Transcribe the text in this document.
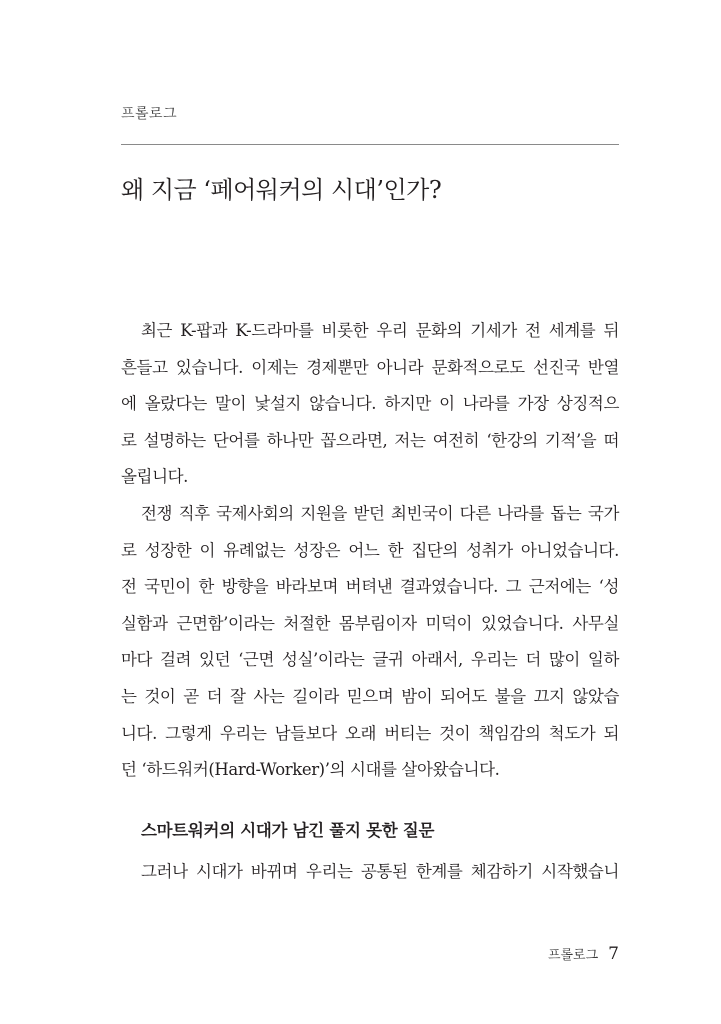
프롤로그
왜 지금 ‘페어워커의 시대’인가?
최근 K-팝과 K-드라마를 비롯한 우리 문화의 기세가 전 세계를 뒤
흔들고 있습니다. 이제는 경제뿐만 아니라 문화적으로도 선진국 반열
에 올랐다는 말이 낯설지 않습니다. 하지만 이 나라를 가장 상징적으
로 설명하는 단어를 하나만 꼽으라면, 저는 여전히 ‘한강의 기적’을 떠
올립니다.
전쟁 직후 국제사회의 지원을 받던 최빈국이 다른 나라를 돕는 국가
로 성장한 이 유례없는 성장은 어느 한 집단의 성취가 아니었습니다.
전 국민이 한 방향을 바라보며 버텨낸 결과였습니다. 그 근저에는 ‘성
실함과 근면함’이라는 처절한 몸부림이자 미덕이 있었습니다. 사무실
마다 걸려 있던 ‘근면 성실’이라는 글귀 아래서, 우리는 더 많이 일하
는 것이 곧 더 잘 사는 길이라 믿으며 밤이 되어도 불을 끄지 않았습
니다. 그렇게 우리는 남들보다 오래 버티는 것이 책임감의 척도가 되
던 ‘하드워커(Hard-Worker)’의 시대를 살아왔습니다.
스마트워커의 시대가 남긴 풀지 못한 질문
그러나 시대가 바뀌며 우리는 공통된 한계를 체감하기 시작했습니
프롤로그 7
